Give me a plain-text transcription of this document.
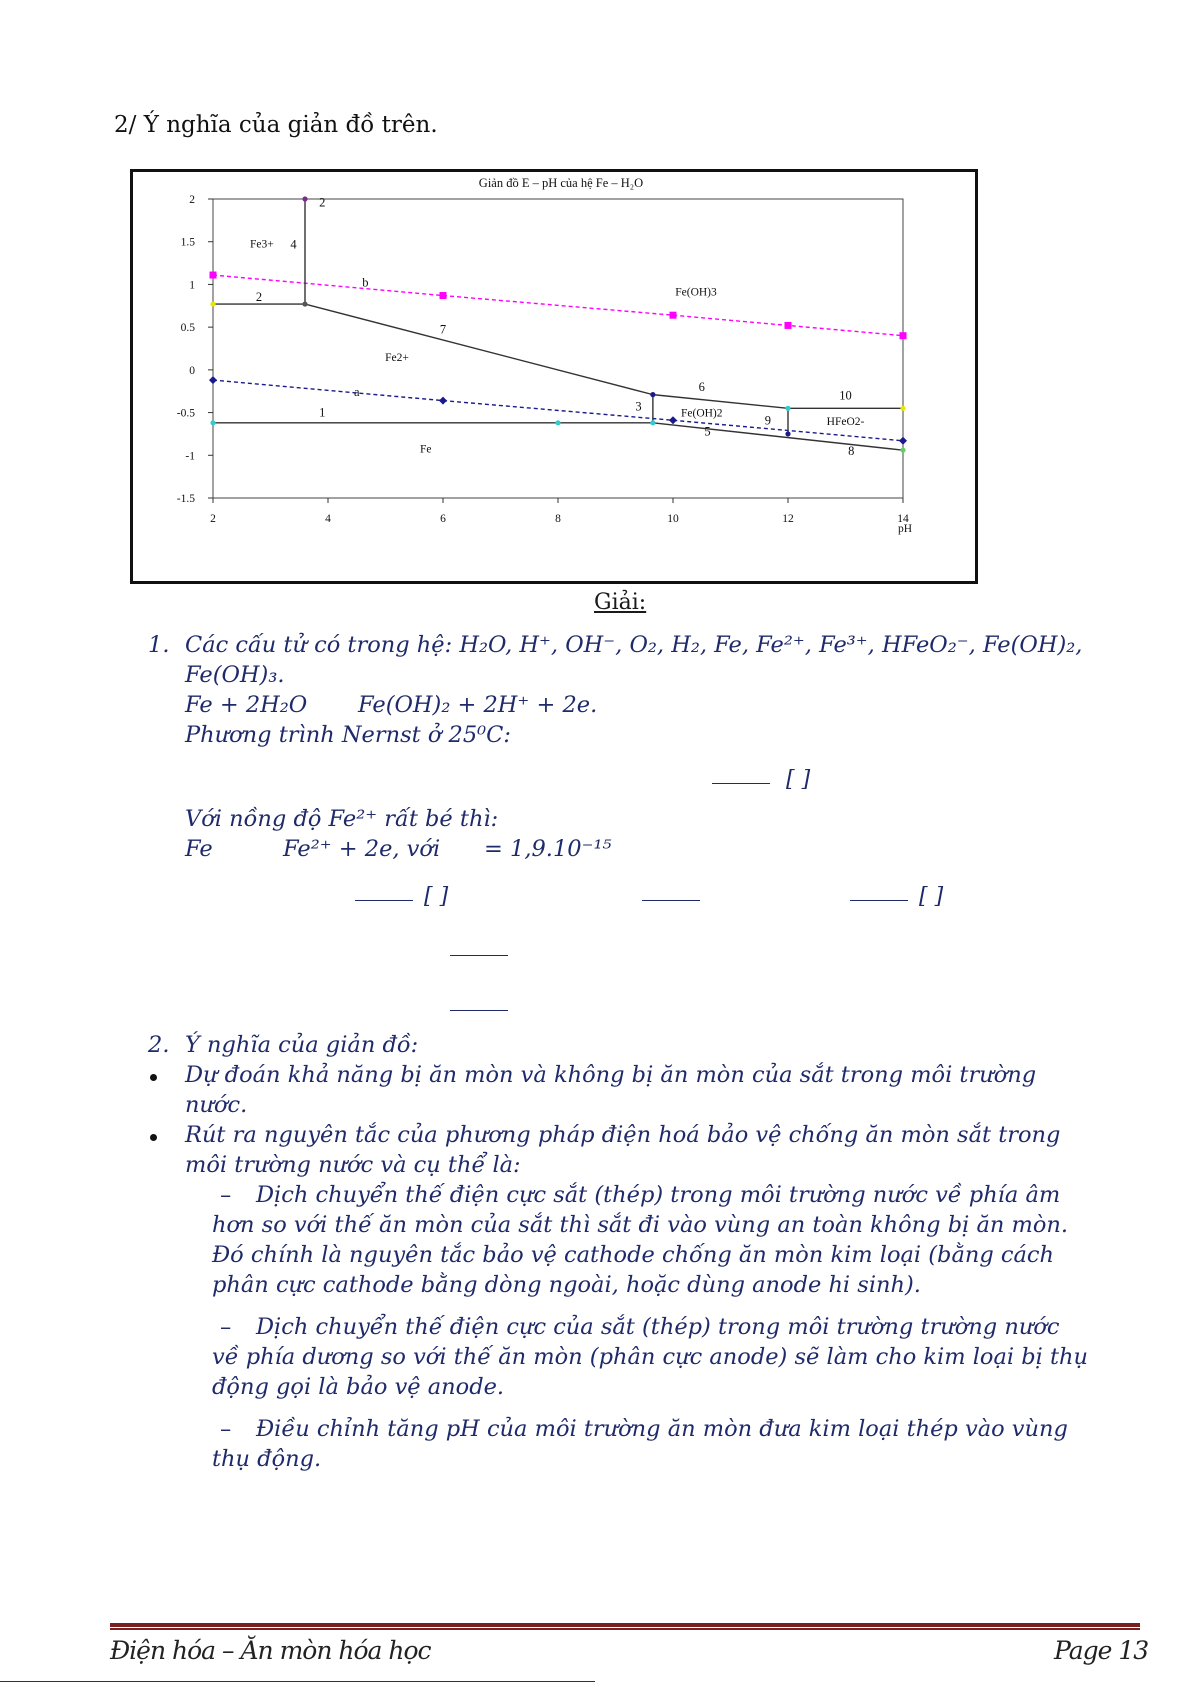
2/ Ý nghĩa của giản đồ trên.
Giản đồ E – pH của hệ Fe – H₂O
2
1.5
1
0.5
0
-0.5
-1
-1.5
2	4	6	8	10	12	14
pH
Fe3+
Fe2+
Fe
Fe(OH)3
Fe(OH)2
HFeO2-
1
2
2
3
4
5
6
7
8
9
10
a
b
Giải:
1. Các cấu tử có trong hệ: H₂O, H⁺, OH⁻, O₂, H₂, Fe, Fe²⁺, Fe³⁺, HFeO₂⁻, Fe(OH)₂,
Fe(OH)₃.
Fe + 2H₂O Fe(OH)₂ + 2H⁺ + 2e.
Phương trình Nernst ở 25⁰C:
[ ]
Với nồng độ Fe²⁺ rất bé thì:
Fe	Fe²⁺ + 2e, với = 1,9.10⁻¹⁵
[ ]	[ ]
2. Ý nghĩa của giản đồ:
Dự đoán khả năng bị ăn mòn và không bị ăn mòn của sắt trong môi trường
nước.
Rút ra nguyên tắc của phương pháp điện hoá bảo vệ chống ăn mòn sắt trong
môi trường nước và cụ thể là:
– Dịch chuyển thế điện cực sắt (thép) trong môi trường nước về phía âm
hơn so với thế ăn mòn của sắt thì sắt đi vào vùng an toàn không bị ăn mòn.
Đó chính là nguyên tắc bảo vệ cathode chống ăn mòn kim loại (bằng cách
phân cực cathode bằng dòng ngoài, hoặc dùng anode hi sinh).
– Dịch chuyển thế điện cực của sắt (thép) trong môi trường trường nước
về phía dương so với thế ăn mòn (phân cực anode) sẽ làm cho kim loại bị thụ
động gọi là bảo vệ anode.
– Điều chỉnh tăng pH của môi trường ăn mòn đưa kim loại thép vào vùng
thụ động.
Điện hóa – Ăn mòn hóa học	Page 13
